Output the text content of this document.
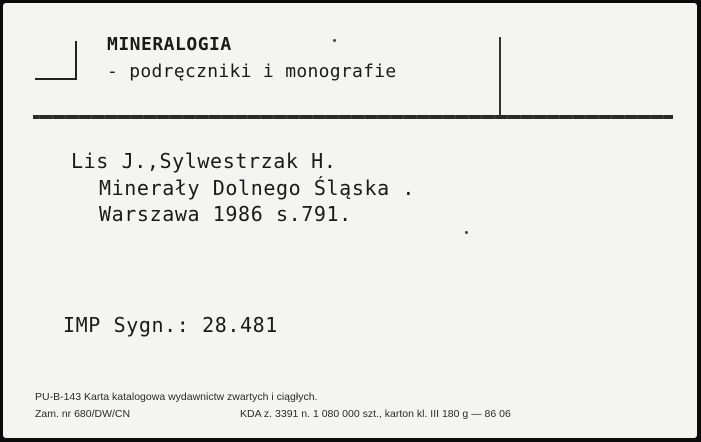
MINERALOGIA
- podręczniki i monografie
Lis J.,Sylwestrzak H.
Minerały Dolnego Śląska .
Warszawa 1986 s.791.
IMP Sygn.: 28.481
PU-B-143 Karta katalogowa wydawnictw zwartych i ciągłych.
Zam. nr 680/DW/CN	KDA z. 3391 n. 1 080 000 szt., karton kl. III 180 g — 86 06
